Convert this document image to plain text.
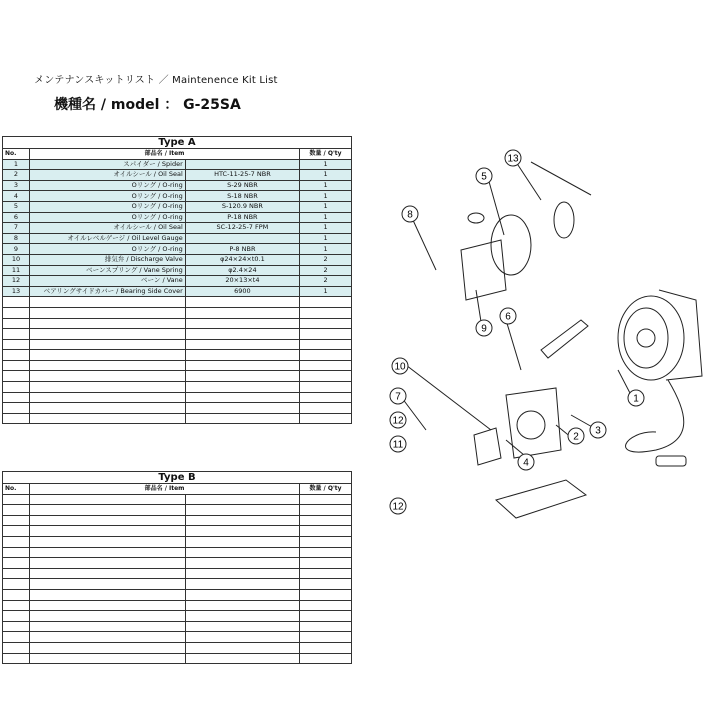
メンテナンスキットリスト ／ Maintenence Kit List
機種名 / model ： G-25SA
Type A			
No.	部品名 / Item		数量 / Q'ty
1	スパイダー / Spider		1
2	オイルシール / Oil Seal	HTC-11-25-7 NBR	1
3	Oリング / O-ring	S-29 NBR	1
4	Oリング / O-ring	S-18 NBR	1
5	Oリング / O-ring	S-120.9 NBR	1
6	Oリング / O-ring	P-18 NBR	1
7	オイルシール / Oil Seal	SC-12-25-7 FPM	1
8	オイルレベルゲージ / Oil Level Gauge		1
9	Oリング / O-ring	P-8 NBR	1
10	排気弁 / Discharge Valve	φ24×24×t0.1	2
11	ベーンスプリング / Vane Spring	φ2.4×24	2
12	ベーン / Vane	20×13×t4	2
13	ベアリングサイドカバー / Bearing Side Cover	6900	1

Type B			
No.	部品名 / Item		数量 / Q'ty

1
2
3
4
5
6
7
8
9
10
11
12
12
13
